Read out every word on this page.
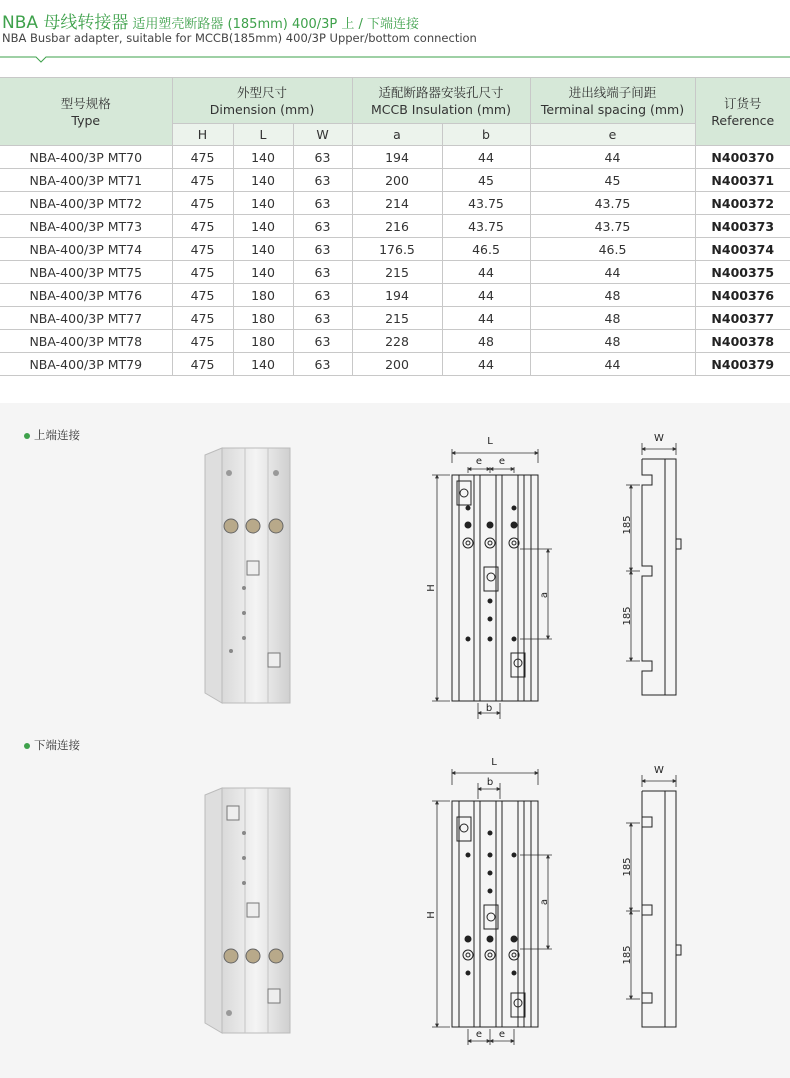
NBA 母线转接器 适用塑壳断路器 (185mm) 400/3P 上 / 下端连接
NBA Busbar adapter, suitable for MCCB(185mm) 400/3P Upper/bottom connection
型号规格
Type	外型尺寸
Dimension (mm)			适配断路器安装孔尺寸
MCCB Insulation (mm)		进出线端子间距
Terminal spacing (mm)	订货号
Reference
	H	L	W	a	b	e	
NBA-400/3P MT70	475	140	63	194	44	44	N400370
NBA-400/3P MT71	475	140	63	200	45	45	N400371
NBA-400/3P MT72	475	140	63	214	43.75	43.75	N400372
NBA-400/3P MT73	475	140	63	216	43.75	43.75	N400373
NBA-400/3P MT74	475	140	63	176.5	46.5	46.5	N400374
NBA-400/3P MT75	475	140	63	215	44	44	N400375
NBA-400/3P MT76	475	180	63	194	44	48	N400376
NBA-400/3P MT77	475	180	63	215	44	48	N400377
NBA-400/3P MT78	475	180	63	228	48	48	N400378
NBA-400/3P MT79	475	140	63	200	44	44	N400379
上端连接
下端连接
L
e e
H
a
b
W
185
185
L
b
H
a
e e
W
185
185
